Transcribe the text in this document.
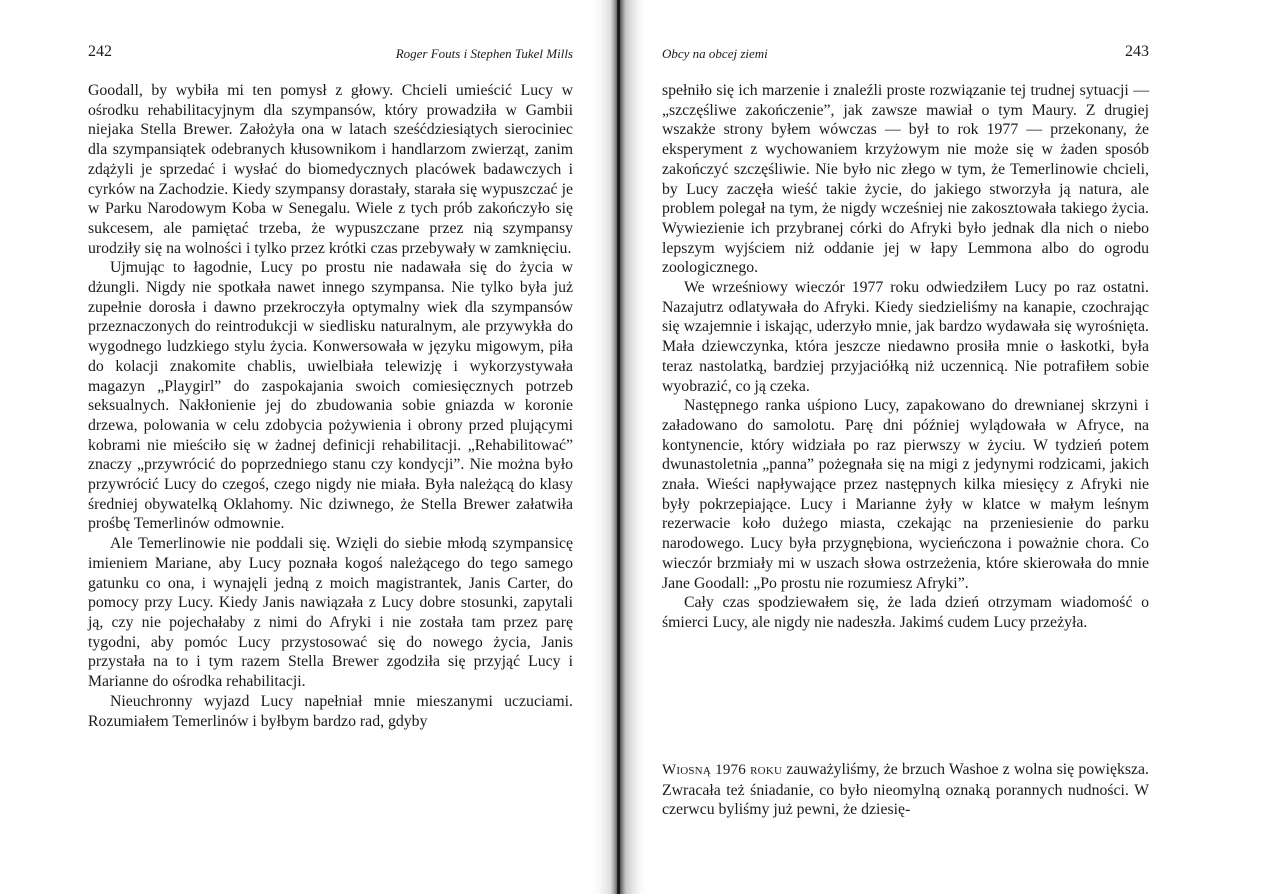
242	Roger Fouts i Stephen Tukel Mills

Goodall, by wybiła mi ten pomysł z głowy. Chcieli umieścić Lucy w ośrodku rehabilitacyjnym dla szympansów, który prowadziła w Gambii niejaka Stella Brewer. Założyła ona w latach sześćdziesiątych sierociniec dla szympansiątek odebranych kłusownikom i handlarzom zwierząt, zanim zdążyli je sprzedać i wysłać do biomedycznych placówek badawczych i cyrków na Zachodzie. Kiedy szympansy dorastały, starała się wypuszczać je w Parku Narodowym Koba w Senegalu. Wiele z tych prób zakończyło się sukcesem, ale pamiętać trzeba, że wypuszczane przez nią szympansy urodziły się na wolności i tylko przez krótki czas przebywały w zamknięciu.

Ujmując to łagodnie, Lucy po prostu nie nadawała się do życia w dżungli. Nigdy nie spotkała nawet innego szympansa. Nie tylko była już zupełnie dorosła i dawno przekroczyła optymalny wiek dla szympansów przeznaczonych do reintrodukcji w siedlisku naturalnym, ale przywykła do wygodnego ludzkiego stylu życia. Konwersowała w języku migowym, piła do kolacji znakomite chablis, uwielbiała telewizję i wykorzystywała magazyn „Playgirl” do zaspokajania swoich comiesięcznych potrzeb seksualnych. Nakłonienie jej do zbudowania sobie gniazda w koronie drzewa, polowania w celu zdobycia pożywienia i obrony przed plującymi kobrami nie mieściło się w żadnej definicji rehabilitacji. „Rehabilitować” znaczy „przywrócić do poprzedniego stanu czy kondycji”. Nie można było przywrócić Lucy do czegoś, czego nigdy nie miała. Była należącą do klasy średniej obywatelką Oklahomy. Nic dziwnego, że Stella Brewer załatwiła prośbę Temerlinów odmownie.

Ale Temerlinowie nie poddali się. Wzięli do siebie młodą szympansicę imieniem Mariane, aby Lucy poznała kogoś należącego do tego samego gatunku co ona, i wynajęli jedną z moich magistrantek, Janis Carter, do pomocy przy Lucy. Kiedy Janis nawiązała z Lucy dobre stosunki, zapytali ją, czy nie pojechałaby z nimi do Afryki i nie została tam przez parę tygodni, aby pomóc Lucy przystosować się do nowego życia, Janis przystała na to i tym razem Stella Brewer zgodziła się przyjąć Lucy i Marianne do ośrodka rehabilitacji.

Nieuchronny wyjazd Lucy napełniał mnie mieszanymi uczuciami. Rozumiałem Temerlinów i byłbym bardzo rad, gdyby

Obcy na obcej ziemi	243

spełniło się ich marzenie i znaleźli proste rozwiązanie tej trudnej sytuacji — „szczęśliwe zakończenie”, jak zawsze mawiał o tym Maury. Z drugiej wszakże strony byłem wówczas — był to rok 1977 — przekonany, że eksperyment z wychowaniem krzyżowym nie może się w żaden sposób zakończyć szczęśliwie. Nie było nic złego w tym, że Temerlinowie chcieli, by Lucy zaczęła wieść takie życie, do jakiego stworzyła ją natura, ale problem polegał na tym, że nigdy wcześniej nie zakosztowała takiego życia. Wywiezienie ich przybranej córki do Afryki było jednak dla nich o niebo lepszym wyjściem niż oddanie jej w łapy Lemmona albo do ogrodu zoologicznego.

We wrześniowy wieczór 1977 roku odwiedziłem Lucy po raz ostatni. Nazajutrz odlatywała do Afryki. Kiedy siedzieliśmy na kanapie, czochrając się wzajemnie i iskając, uderzyło mnie, jak bardzo wydawała się wyrośnięta. Mała dziewczynka, która jeszcze niedawno prosiła mnie o łaskotki, była teraz nastolatką, bardziej przyjaciółką niż uczennicą. Nie potrafiłem sobie wyobrazić, co ją czeka.

Następnego ranka uśpiono Lucy, zapakowano do drewnianej skrzyni i załadowano do samolotu. Parę dni później wylądowała w Afryce, na kontynencie, który widziała po raz pierwszy w życiu. W tydzień potem dwunastoletnia „panna” pożegnała się na migi z jedynymi rodzicami, jakich znała. Wieści napływające przez następnych kilka miesięcy z Afryki nie były pokrzepiające. Lucy i Marianne żyły w klatce w małym leśnym rezerwacie koło dużego miasta, czekając na przeniesienie do parku narodowego. Lucy była przygnębiona, wycieńczona i poważnie chora. Co wieczór brzmiały mi w uszach słowa ostrzeżenia, które skierowała do mnie Jane Goodall: „Po prostu nie rozumiesz Afryki”.

Cały czas spodziewałem się, że lada dzień otrzymam wiadomość o śmierci Lucy, ale nigdy nie nadeszła. Jakimś cudem Lucy przeżyła.

Wiosną 1976 roku zauważyliśmy, że brzuch Washoe z wolna się powiększa. Zwracała też śniadanie, co było nieomylną oznaką porannych nudności. W czerwcu byliśmy już pewni, że dziesię-
